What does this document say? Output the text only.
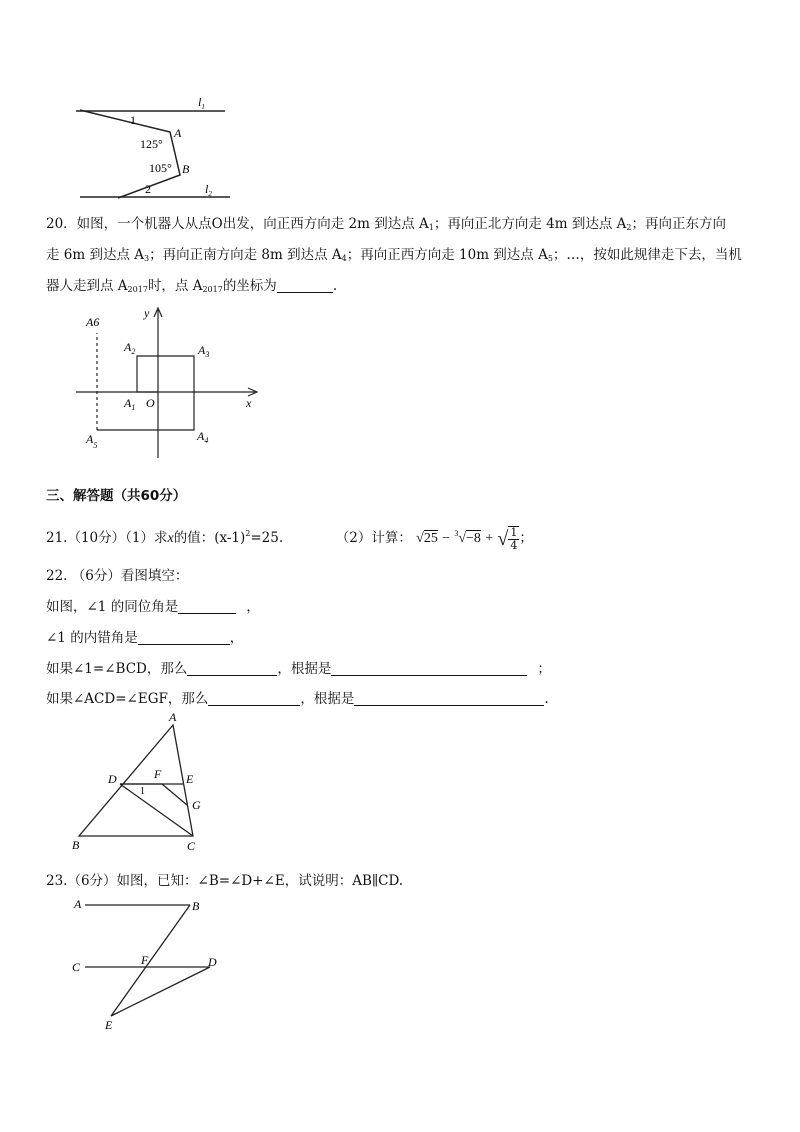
$l_1$
$l_2$
1
2
A
125°
105° B
20．如图，一个机器人从点O出发，向正西方向走 2m 到达点 $A_1$；再向正北方向走 4m 到达点 $A_2$；再向正东方向
走 6m 到达点 $A_3$；再向正南方向走 8m 到达点 $A_4$；再向正西方向走 10m 到达点 $A_5$；…，按如此规律走下去，当机
器人走到点 $A_{2017}$时，点 $A_{2017}$的坐标为	.
A6
$A_2$	$A_3$
$A_1$ O	x
y
$A_5$
$A_4$
三、解答题（共60分）
21.（10分）（1）求x的值：$(x-1)^2=25$.	（2）计算： √25 − $^3$√−8 + √ $\frac{1}{4}$ ；
22. （6分）看图填空：
如图，∠1 的同位角是	，
∠1 的内错角是	，
如果∠1=∠BCD，那么	，根据是	；
如果∠ACD=∠EGF，那么	，根据是	.
A
B	C
D	E
F
G
1
23.（6分）如图，已知：∠B=∠D+∠E，试说明：AB∥CD.
A	B
C	D
E
F
